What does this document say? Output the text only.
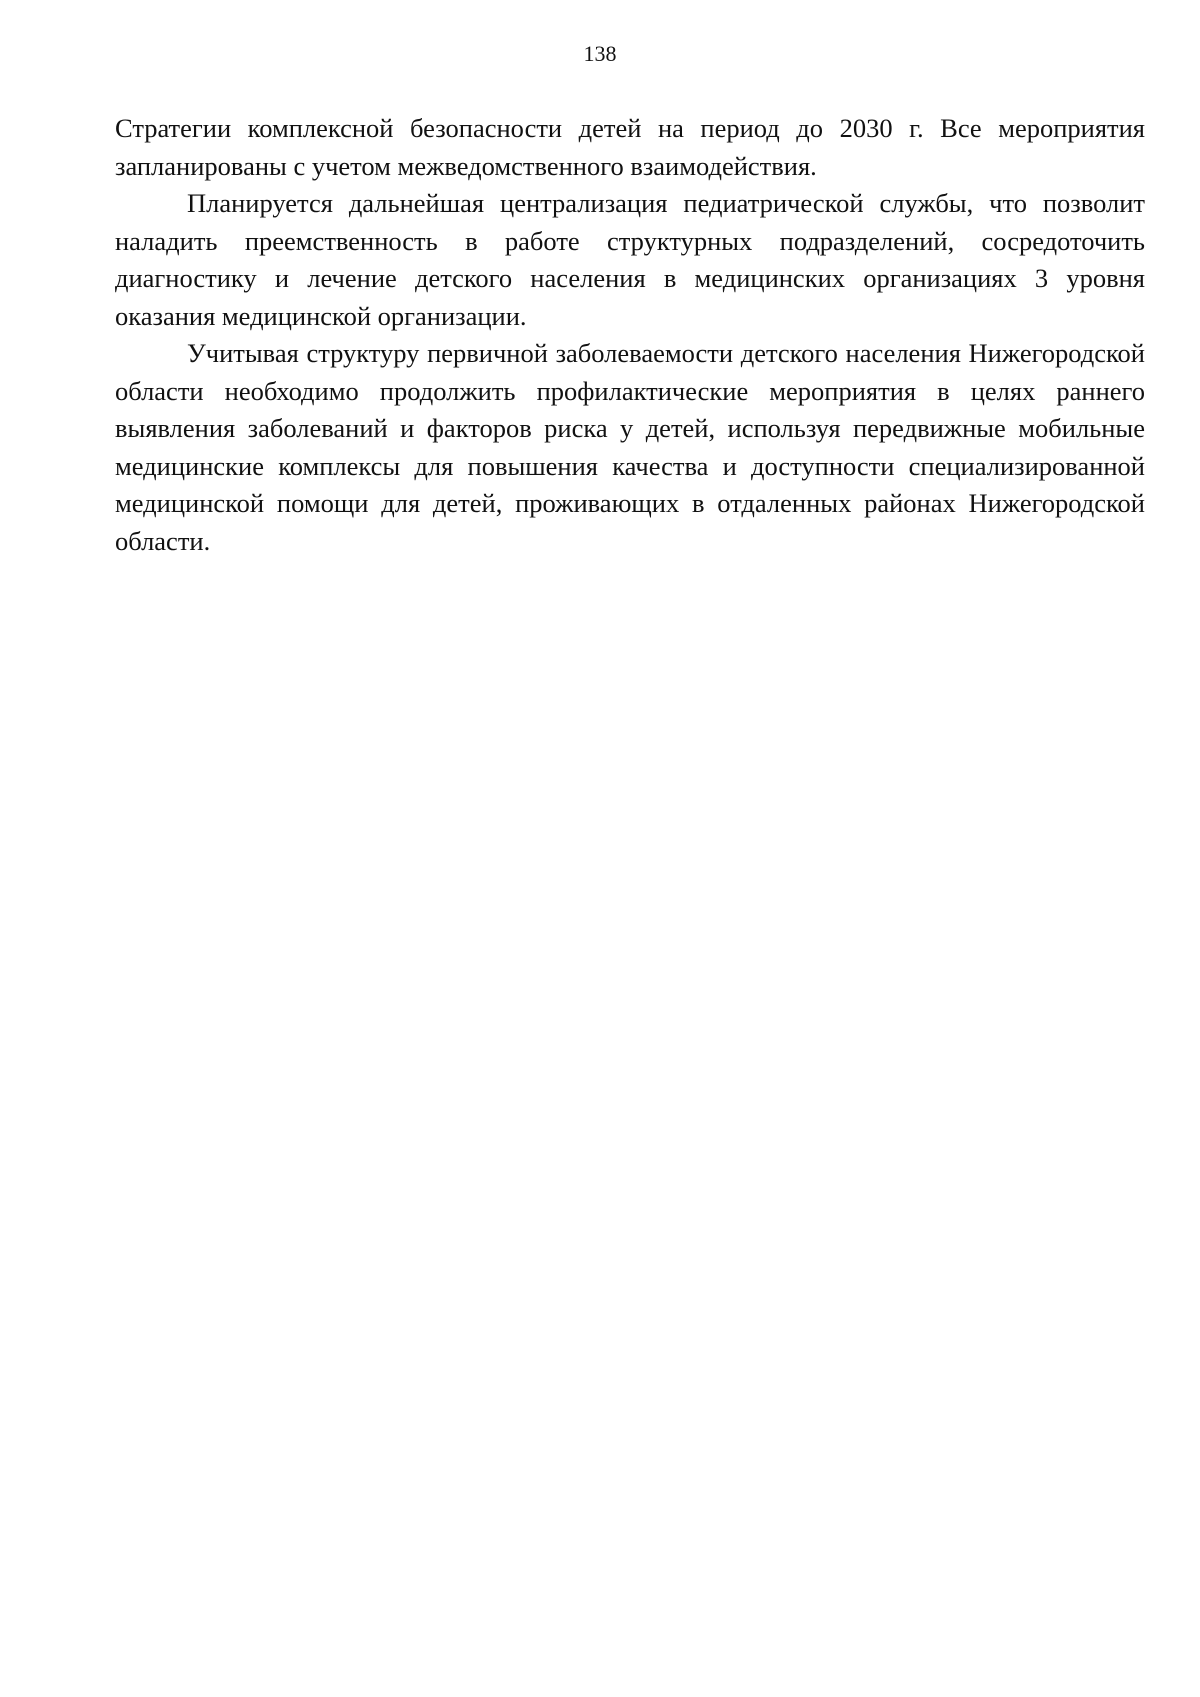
138

Стратегии комплексной безопасности детей на период до 2030 г. Все мероприятия запланированы с учетом межведомственного взаимодействия.

Планируется дальнейшая централизация педиатрической службы, что позволит наладить преемственность в работе структурных подразделений, сосредоточить диагностику и лечение детского населения в медицинских организациях 3 уровня оказания медицинской организации.

Учитывая структуру первичной заболеваемости детского населения Нижегородской области необходимо продолжить профилактические мероприятия в целях раннего выявления заболеваний и факторов риска у детей, используя передвижные мобильные медицинские комплексы для повышения качества и доступности специализированной медицинской помощи для детей, проживающих в отдаленных районах Нижегородской области.
